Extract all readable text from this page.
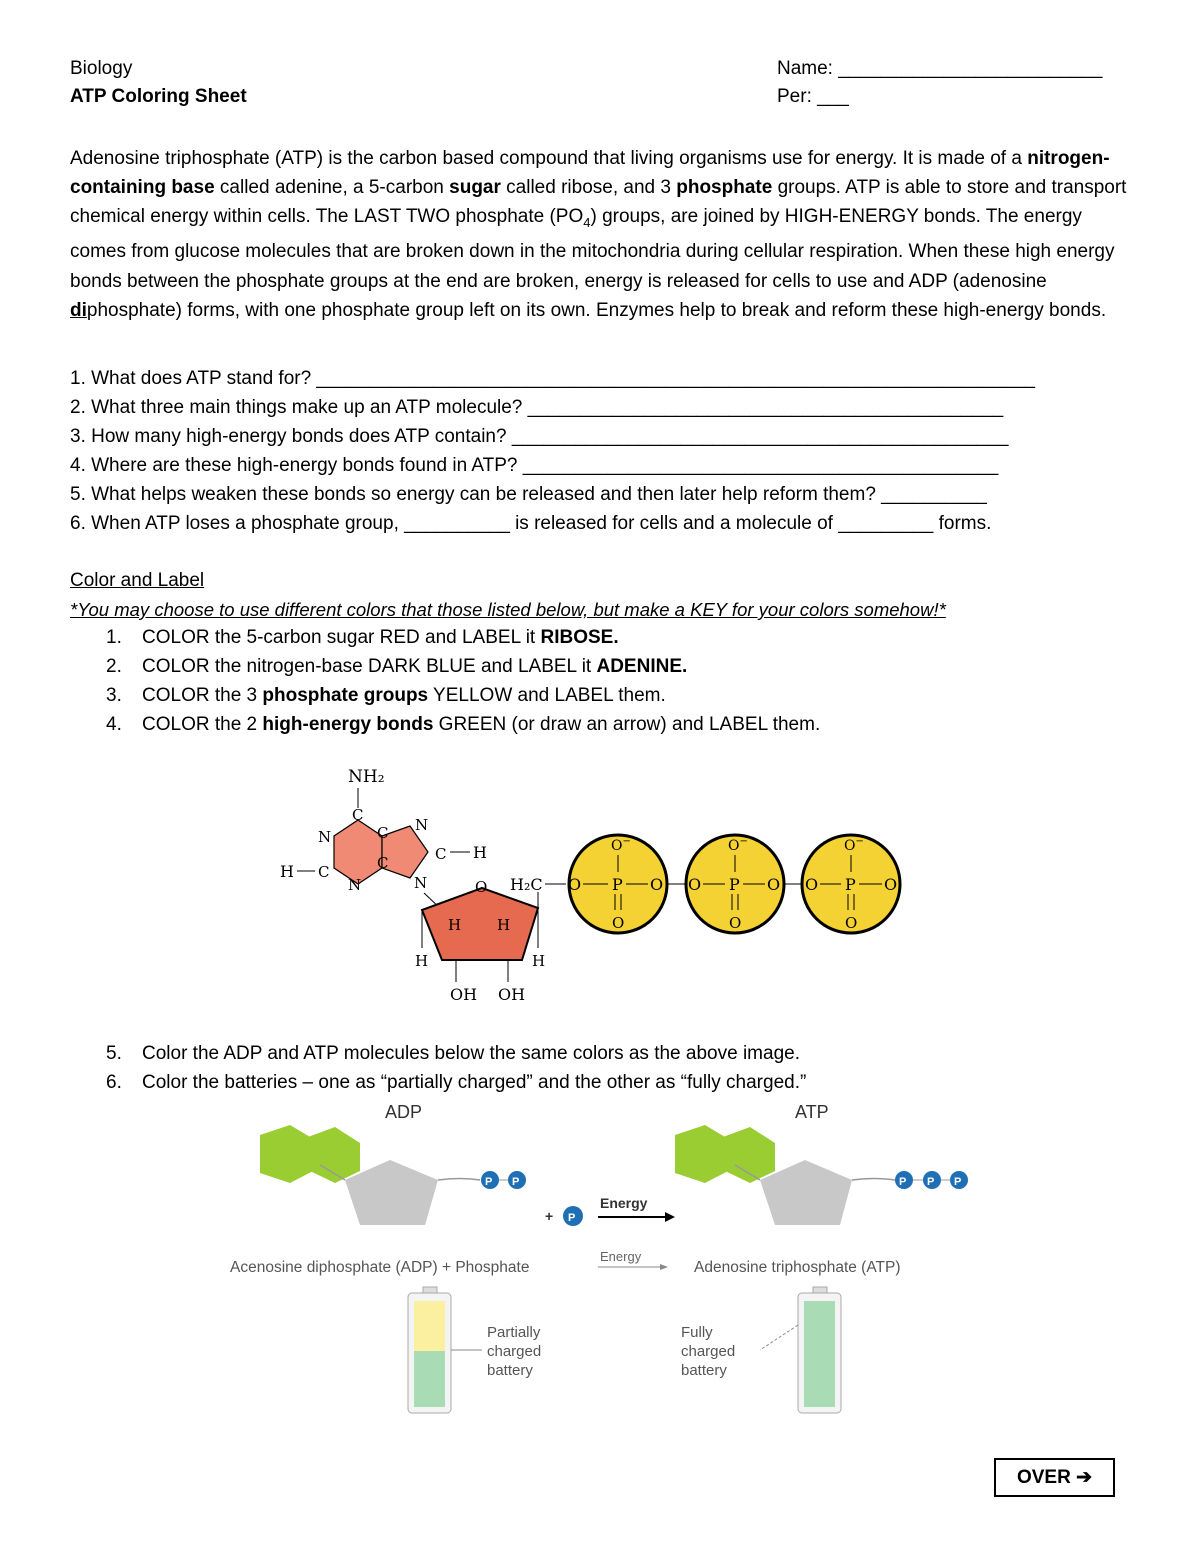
Biology
ATP Coloring Sheet
Name: _________________________
Per: ___
Adenosine triphosphate (ATP) is the carbon based compound that living organisms use for energy. It is made of a nitrogen-containing base called adenine, a 5-carbon sugar called ribose, and 3 phosphate groups. ATP is able to store and transport chemical energy within cells. The LAST TWO phosphate $(PO_4)$ groups, are joined by HIGH-ENERGY bonds. The energy comes from glucose molecules that are broken down in the mitochondria during cellular respiration. When these high energy bonds between the phosphate groups at the end are broken, energy is released for cells to use and ADP (adenosine diphosphate) forms, with one phosphate group left on its own. Enzymes help to break and reform these high-energy bonds.
1. What does ATP stand for? ____________________________________________________________________
2. What three main things make up an ATP molecule? _____________________________________________
3. How many high-energy bonds does ATP contain? _______________________________________________
4. Where are these high-energy bonds found in ATP? _____________________________________________
5. What helps weaken these bonds so energy can be released and then later help reform them? __________
6. When ATP loses a phosphate group, __________ is released for cells and a molecule of _________ forms.
Color and Label
*You may choose to use different colors that those listed below, but make a KEY for your colors somehow!*
1. COLOR the 5-carbon sugar RED and LABEL it RIBOSE.
2. COLOR the nitrogen-base DARK BLUE and LABEL it ADENINE.
3. COLOR the 3 phosphate groups YELLOW and LABEL them.
4. COLOR the 2 high-energy bonds GREEN (or draw an arrow) and LABEL them.
NH₂
C
N	C N
C	C H
H C
N	N	O
H H
H	H
OH OH
H₂C
O−
O P O
O
O−
O P O
O
O−
O P O
O
5. Color the ADP and ATP molecules below the same colors as the above image.
6. Color the batteries – one as “partially charged” and the other as “fully charged.”
ADP	ATP
P P
+ P
Energy
P P P
Acenosine diphosphate (ADP) + Phosphate
Energy
Adenosine triphosphate (ATP)
Partially
charged
battery
Fully
charged
battery
OVER ➔
